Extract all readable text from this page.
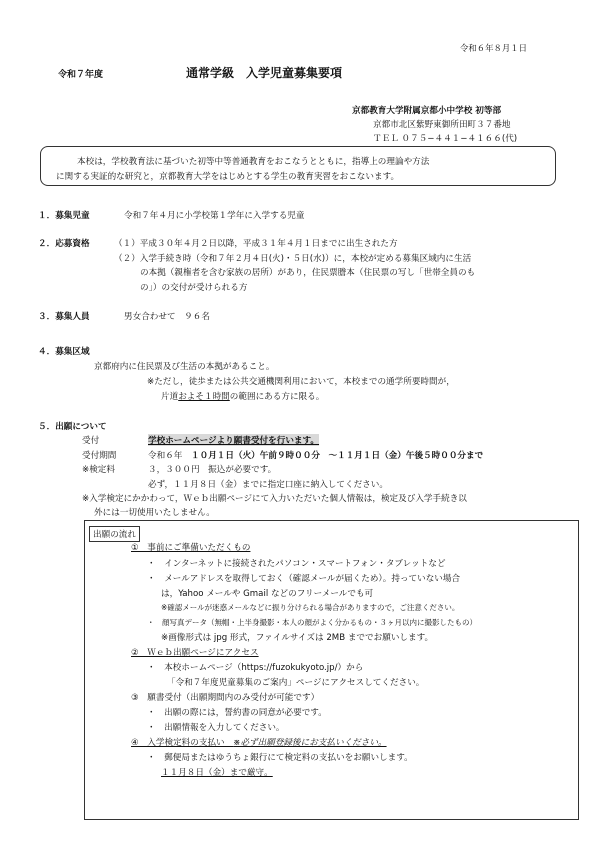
令和６年８月１日
令和７年度	通常学級　入学児童募集要項
京都教育大学附属京都小中学校 初等部
京都市北区紫野東御所田町３７番地
ＴＥＬ ０７５−４４１−４１６６(代)
本校は，学校教育法に基づいた初等中等普通教育をおこなうとともに，指導上の理論や方法
に関する実証的な研究と，京都教育大学をはじめとする学生の教育実習をおこないます。
１．募集児童	令和７年４月に小学校第１学年に入学する児童
２．応募資格	（１）平成３０年４月２日以降，平成３１年４月１日までに出生された方
（２）入学手続き時（令和７年２月４日(火)・５日(水)）に，本校が定める募集区域内に生活
の本拠（親権者を含む家族の居所）があり，住民票謄本（住民票の写し「世帯全員のも
の」）の交付が受けられる方
３．募集人員	男女合わせて　９６名
４．募集区域
京都府内に住民票及び生活の本拠があること。
※ただし，徒歩または公共交通機関利用において，本校までの通学所要時間が，
片道およそ１時間の範囲にある方に限る。
５．出願について
受付	学校ホームページより願書受付を行います。
受付期間	令和６年　 １０月１日（火）午前９時００分　～１１月１日（金）午後５時００分まで
※検定料	３，３００円　振込が必要です。
必ず，１１月８日（金）までに指定口座に納入してください。
※入学検定にかかわって，Ｗｅｂ出願ページにて入力いただいた個人情報は，検定及び入学手続き以
外には一切使用いたしません。
出願の流れ
①　事前にご準備いただくもの
・　インターネットに接続されたパソコン・スマートフォン・タブレットなど
・　メールアドレスを取得しておく（確認メールが届くため）。持っていない場合
は，Yahoo メールや Gmail などのフリーメールでも可
※確認メールが迷惑メールなどに振り分けられる場合がありますので，ご注意ください。
・　顔写真データ（無帽・上半身撮影・本人の顔がよく分かるもの・３ヶ月以内に撮影したもの）
※画像形式は jpg 形式，ファイルサイズは 2MB まででお願いします。
②　Ｗｅｂ出願ページにアクセス
・　本校ホームページ（https://fuzokukyoto.jp/）から
「令和７年度児童募集のご案内」ページにアクセスしてください。
③　願書受付（出願期間内のみ受付が可能です）
・　出願の際には，誓約書の同意が必要です。
・　出願情報を入力してください。
④　入学検定料の支払い　※必ず出願登録後にお支払いください。
・　郵便局またはゆうちょ銀行にて検定料の支払いをお願いします。
１１月８日（金）まで厳守。
